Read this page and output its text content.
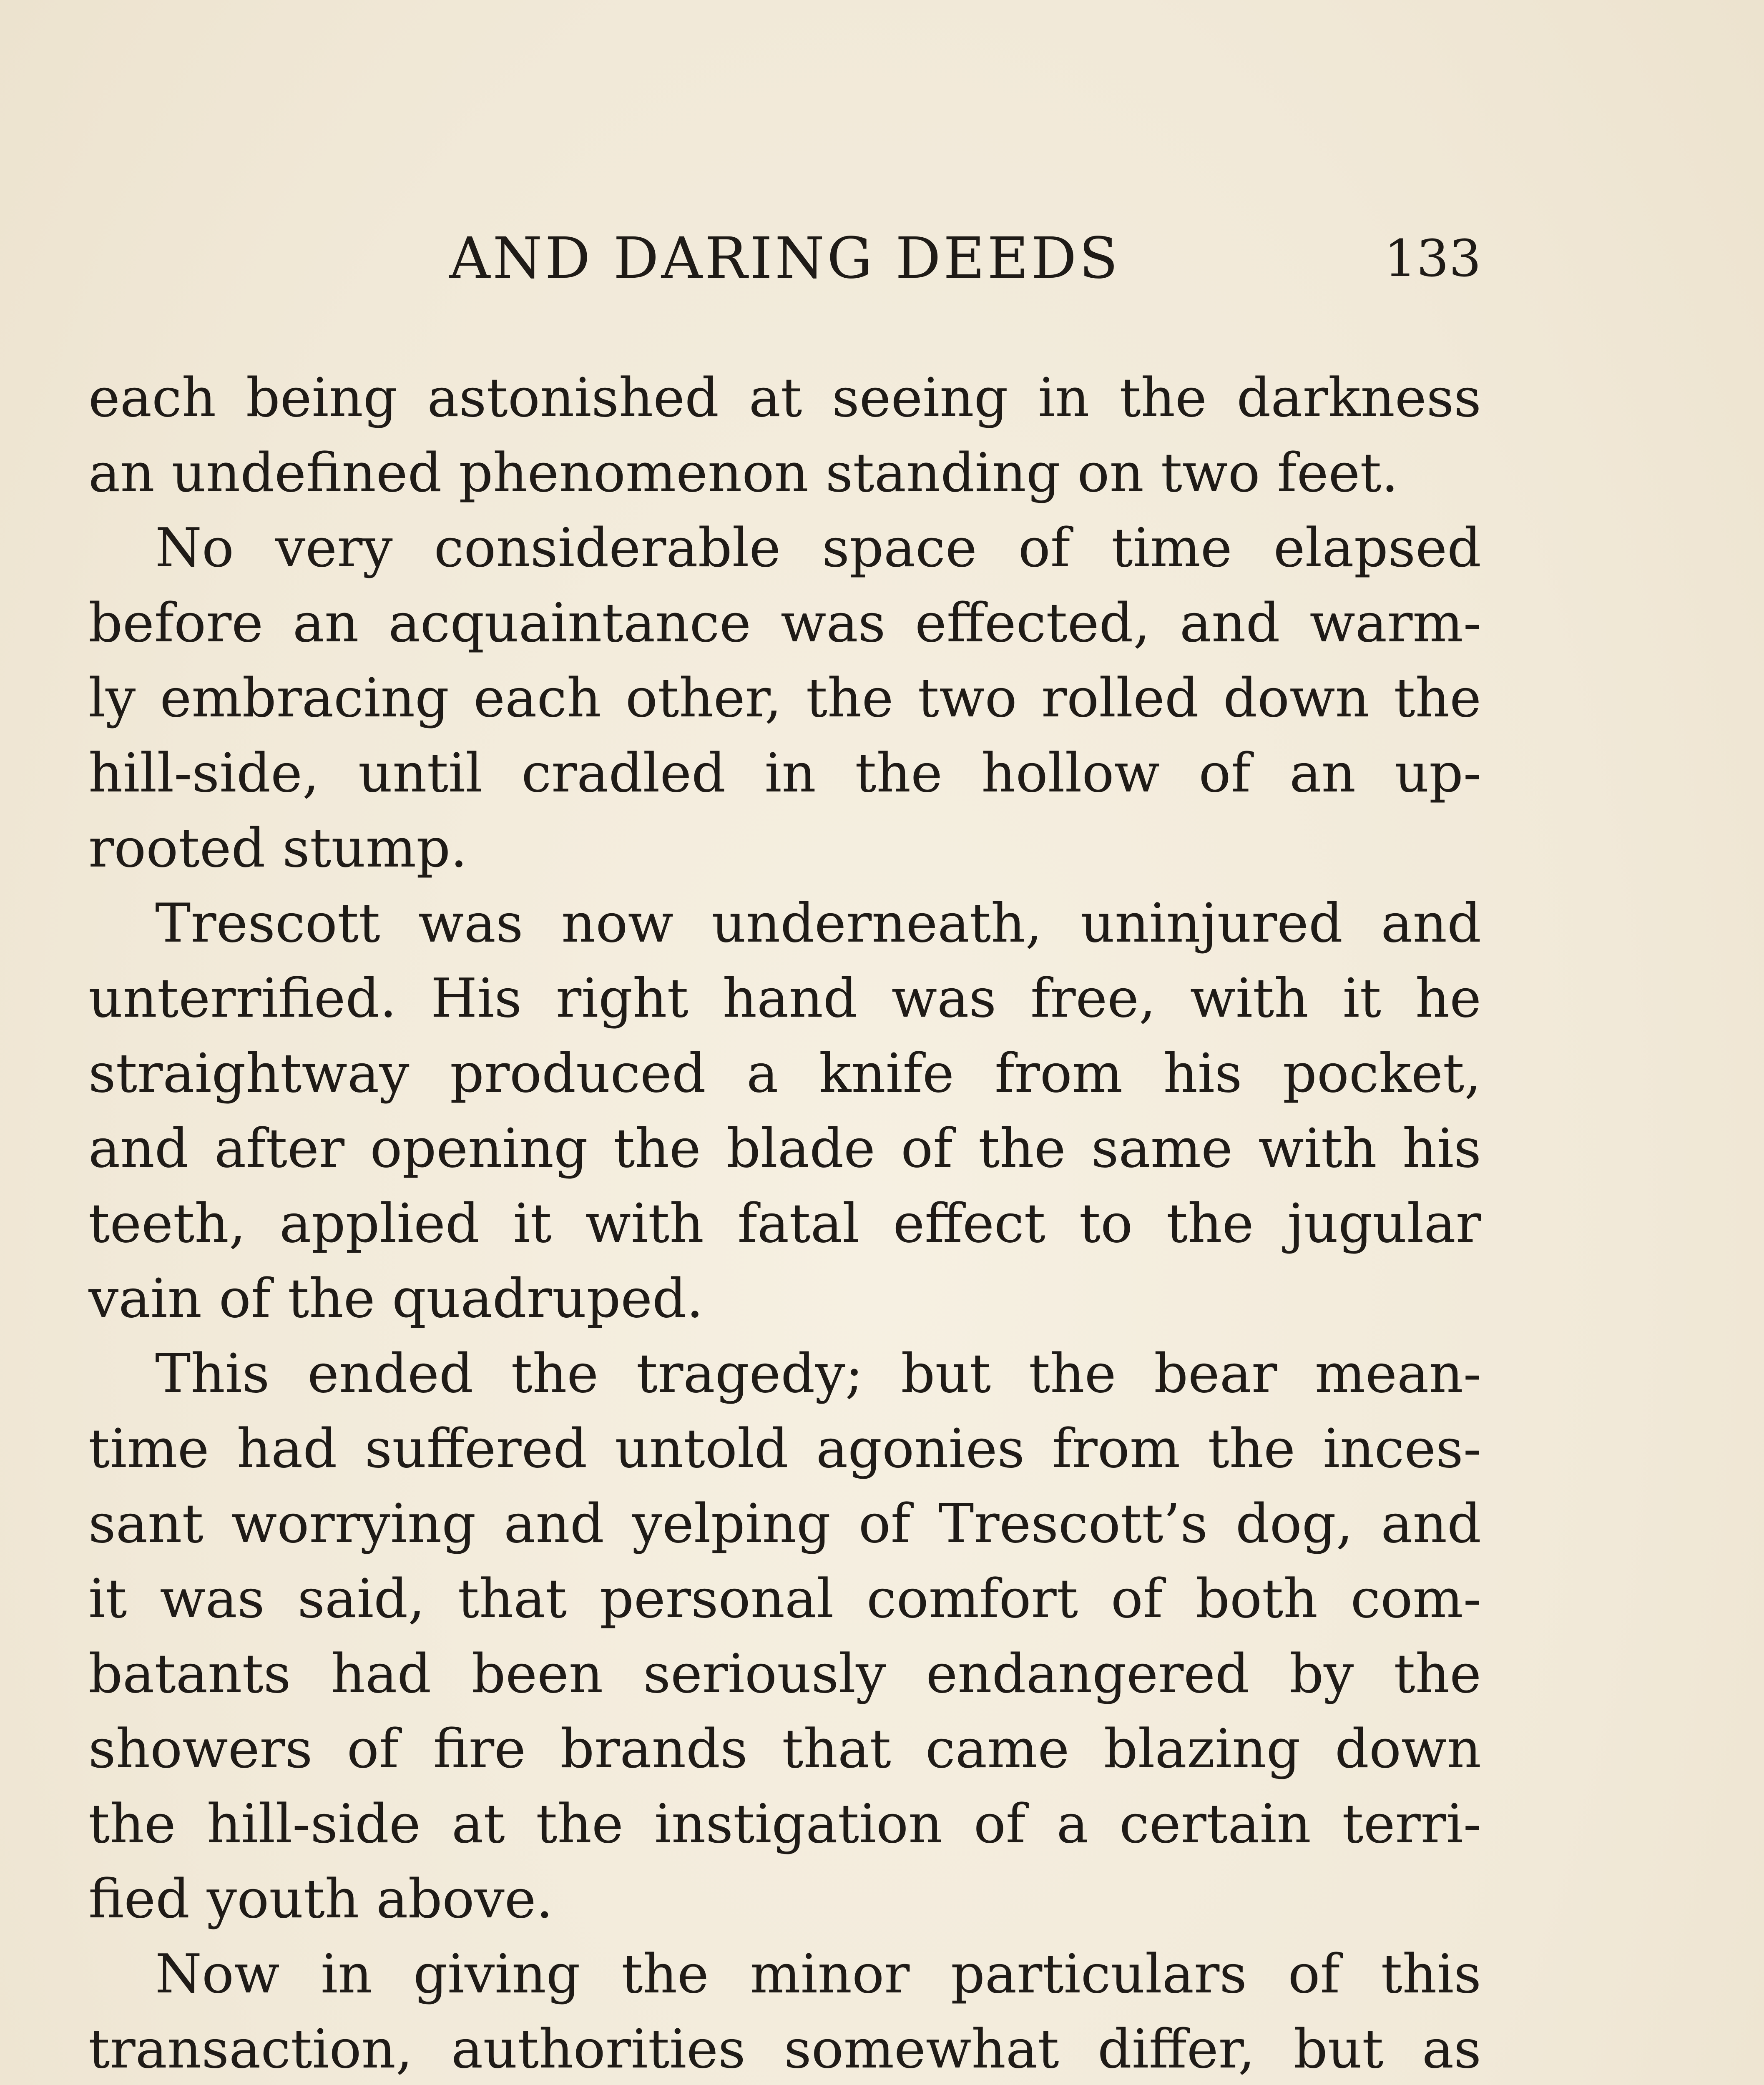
AND DARING DEEDS	133
each being astonished at seeing in the darkness
an undefined phenomenon standing on two feet.
No very considerable space of time elapsed
before an acquaintance was effected, and warm-
ly embracing each other, the two rolled down the
hill-side, until cradled in the hollow of an up-
rooted stump.
Trescott was now underneath, uninjured and
unterrified. His right hand was free, with it he
straightway produced a knife from his pocket,
and after opening the blade of the same with his
teeth, applied it with fatal effect to the jugular
vain of the quadruped.
This ended the tragedy; but the bear mean-
time had suffered untold agonies from the inces-
sant worrying and yelping of Trescott’s dog, and
it was said, that personal comfort of both com-
batants had been seriously endangered by the
showers of fire brands that came blazing down
the hill-side at the instigation of a certain terri-
fied youth above.
Now in giving the minor particulars of this
transaction, authorities somewhat differ, but as
